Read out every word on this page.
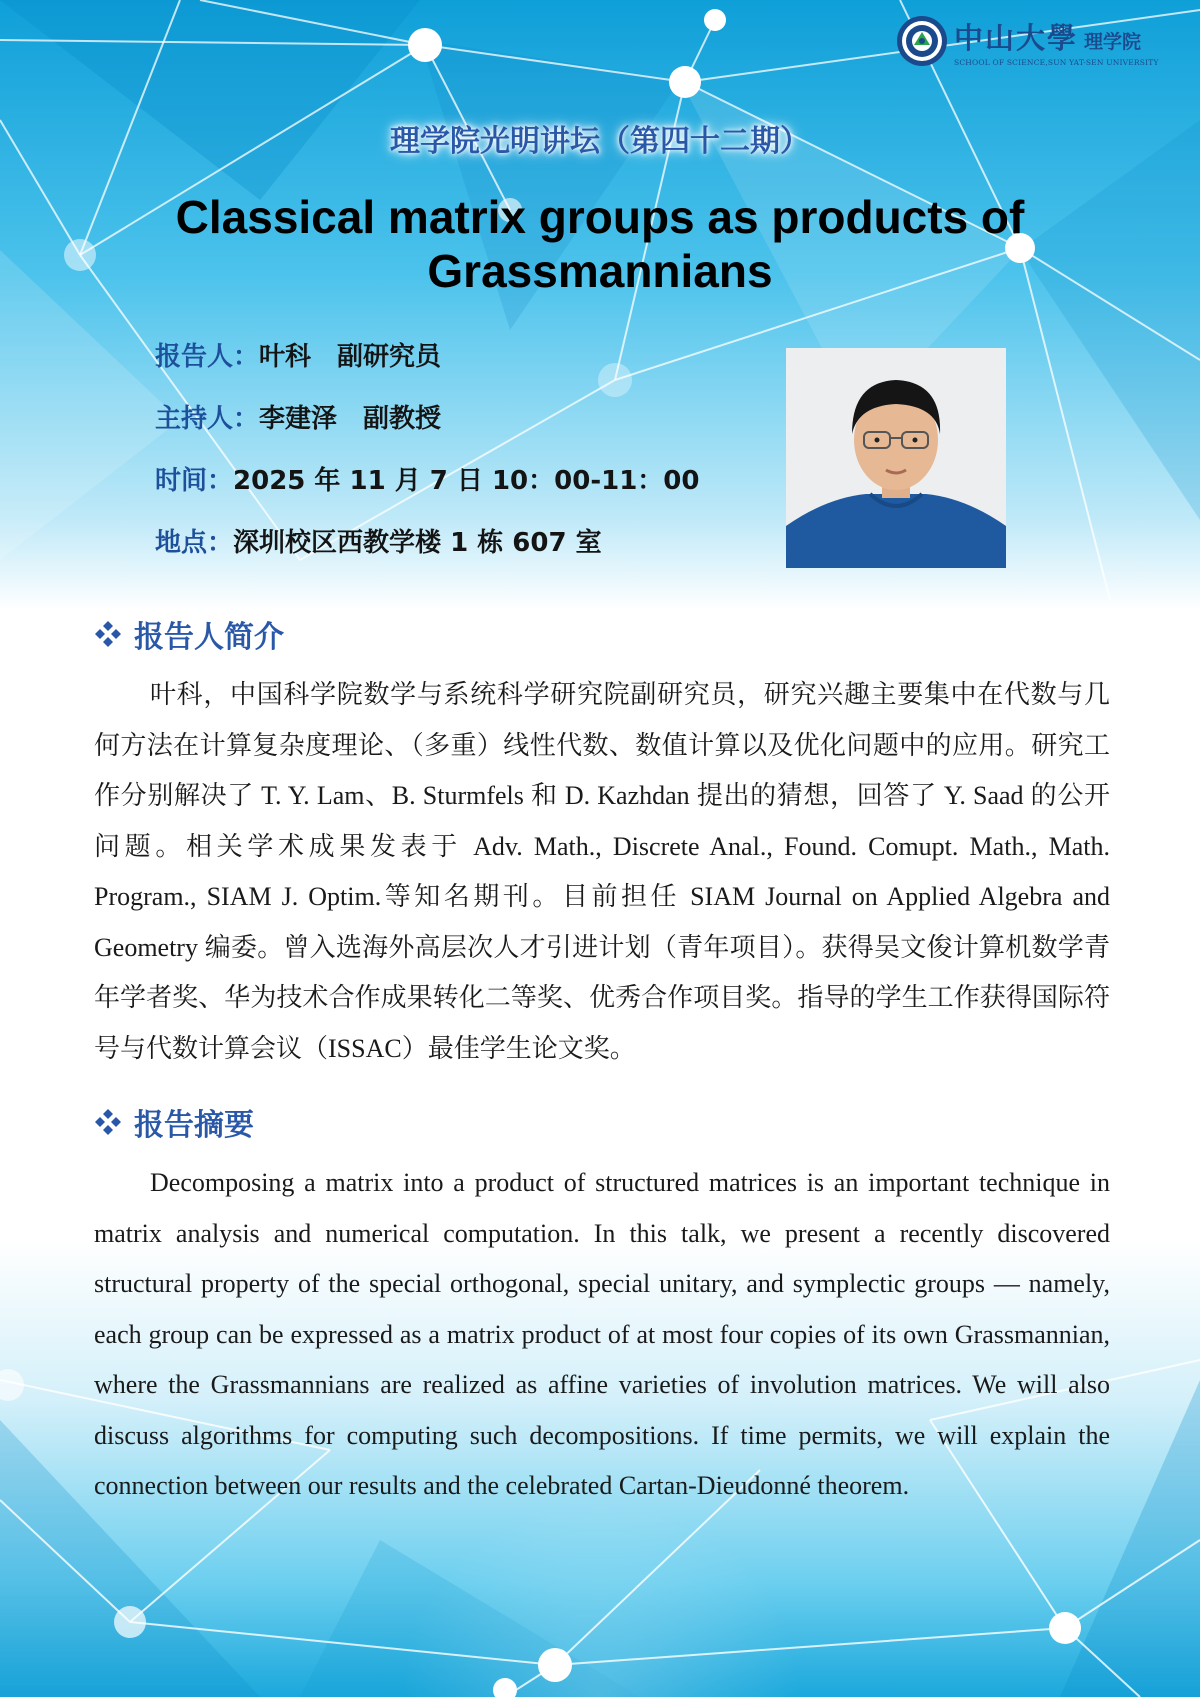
中山大學 理学院
SCHOOL OF SCIENCE,SUN YAT-SEN UNIVERSITY
理学院光明讲坛（第四十二期）
Classical matrix groups as products of
Grassmannians
报告人：叶科　副研究员
主持人：李建泽　副教授
时间：2025 年 11 月 7 日 10：00-11：00
地点：深圳校区西教学楼 1 栋 607 室
报告人简介

叶科，中国科学院数学与系统科学研究院副研究员，研究兴趣主要集中在代数与几何方法在计算复杂度理论、（多重）线性代数、数值计算以及优化问题中的应用。研究工作分别解决了 T. Y. Lam、B. Sturmfels 和 D. Kazhdan 提出的猜想，回答了 Y. Saad 的公开问题。相关学术成果发表于 Adv. Math., Discrete Anal., Found. Comupt. Math., Math. Program., SIAM J. Optim.等知名期刊。目前担任 SIAM Journal on Applied Algebra and Geometry 编委。曾入选海外高层次人才引进计划（青年项目）。获得吴文俊计算机数学青年学者奖、华为技术合作成果转化二等奖、优秀合作项目奖。指导的学生工作获得国际符号与代数计算会议（ISSAC）最佳学生论文奖。

报告摘要

Decomposing a matrix into a product of structured matrices is an important technique in matrix analysis and numerical computation. In this talk, we present a recently discovered structural property of the special orthogonal, special unitary, and symplectic groups — namely, each group can be expressed as a matrix product of at most four copies of its own Grassmannian, where the Grassmannians are realized as affine varieties of involution matrices. We will also discuss algorithms for computing such decompositions. If time permits, we will explain the connection between our results and the celebrated Cartan-Dieudonné theorem.
